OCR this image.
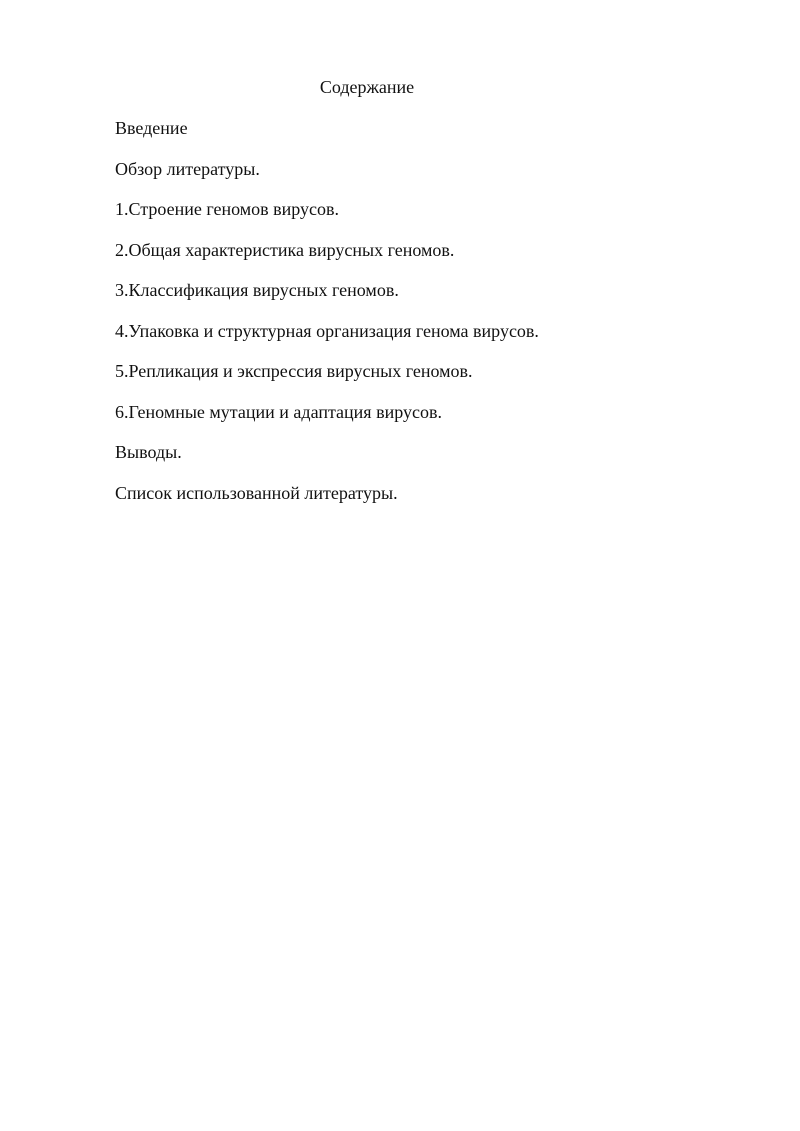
Содержание
Введение
Обзор литературы.
1.Строение геномов вирусов.
2.Общая характеристика вирусных геномов.
3.Классификация вирусных геномов.
4.Упаковка и структурная организация генома вирусов.
5.Репликация и экспрессия вирусных геномов.
6.Геномные мутации и адаптация вирусов.
Выводы.
Список использованной литературы.
